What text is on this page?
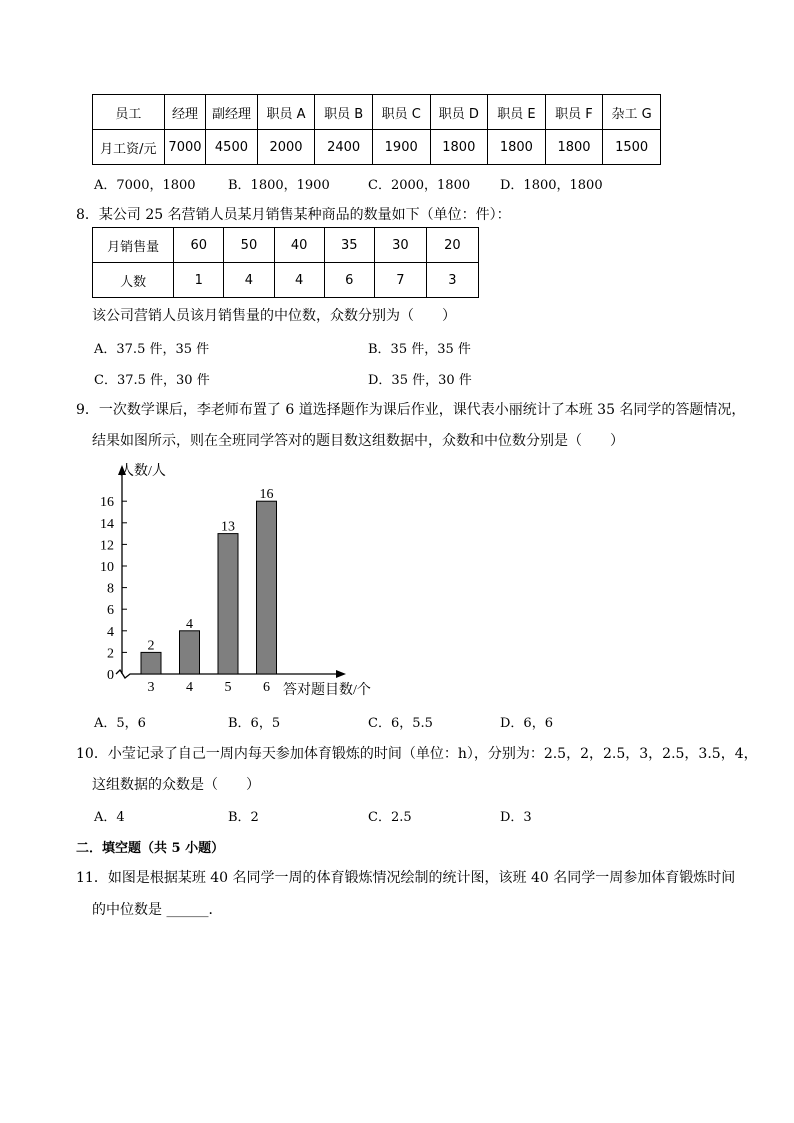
员工	经理	副经理	职员 A	职员 B	职员 C	职员 D	职员 E	职员 F	杂工 G
月工资/元	7000	4500	2000	2400	1900	1800	1800	1800	1500
A．7000，1800 B．1800，1900	C．2000，1800 D．1800，1800
8．某公司 25 名营销人员某月销售某种商品的数量如下（单位：件）：
月销售量	60	50	40	35	30	20
人数	1	4	4	6	7	3
该公司营销人员该月销售量的中位数，众数分别为（　　）
A．37.5 件，35 件	B．35 件，35 件
C．37.5 件，30 件	D．35 件，30 件
9．一次数学课后，李老师布置了 6 道选择题作为课后作业，课代表小丽统计了本班 35 名同学的答题情况，
结果如图所示，则在全班同学答对的题目数这组数据中，众数和中位数分别是（　　）
0
2
4
6
8
10
12
14
16
2
3
4
4
13
5
16
6
人数/人
答对题目数/个
A．5，6	B．6，5	C．6，5.5	D．6，6
10．小莹记录了自己一周内每天参加体育锻炼的时间（单位：h），分别为：2.5，2，2.5，3，2.5，3.5，4，
这组数据的众数是（　　）
A．4	B．2	C．2.5	D．3
二．填空题（共 5 小题）
11．如图是根据某班 40 名同学一周的体育锻炼情况绘制的统计图，该班 40 名同学一周参加体育锻炼时间
的中位数是 ______．
